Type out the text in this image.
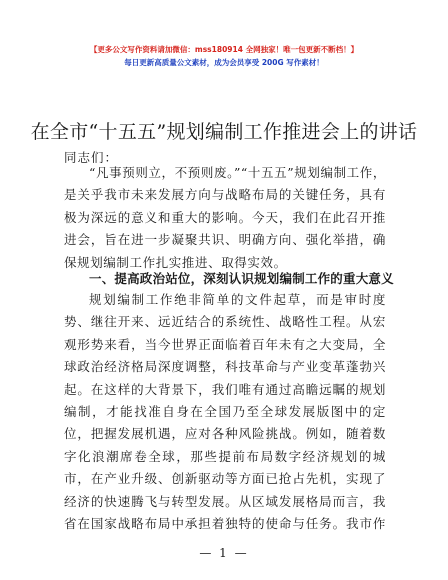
【更多公文写作资料请加微信：mss180914 全网独家！唯一包更新不断档！】
每日更新高质量公文素材，成为会员享受 200G 写作素材！
在全市“十五五”规划编制工作推进会上的讲话
同志们：

“凡事预则立，不预则废。”“十五五”规划编制工作，是关乎我市未来发展方向与战略布局的关键任务，具有极为深远的意义和重大的影响。今天，我们在此召开推进会，旨在进一步凝聚共识、明确方向、强化举措，确保规划编制工作扎实推进、取得实效。

一、提高政治站位，深刻认识规划编制工作的重大意义

规划编制工作绝非简单的文件起草，而是审时度势、继往开来、远近结合的系统性、战略性工程。从宏观形势来看，当今世界正面临着百年未有之大变局，全球政治经济格局深度调整，科技革命与产业变革蓬勃兴起。在这样的大背景下，我们唯有通过高瞻远瞩的规划编制，才能找准自身在全国乃至全球发展版图中的定位，把握发展机遇，应对各种风险挑战。例如，随着数字化浪潮席卷全球，那些提前布局数字经济规划的城市，在产业升级、创新驱动等方面已抢占先机，实现了经济的快速腾飞与转型发展。从区域发展格局而言，我省在国家战略布局中承担着独特的使命与任务。我市作

— 1 —
